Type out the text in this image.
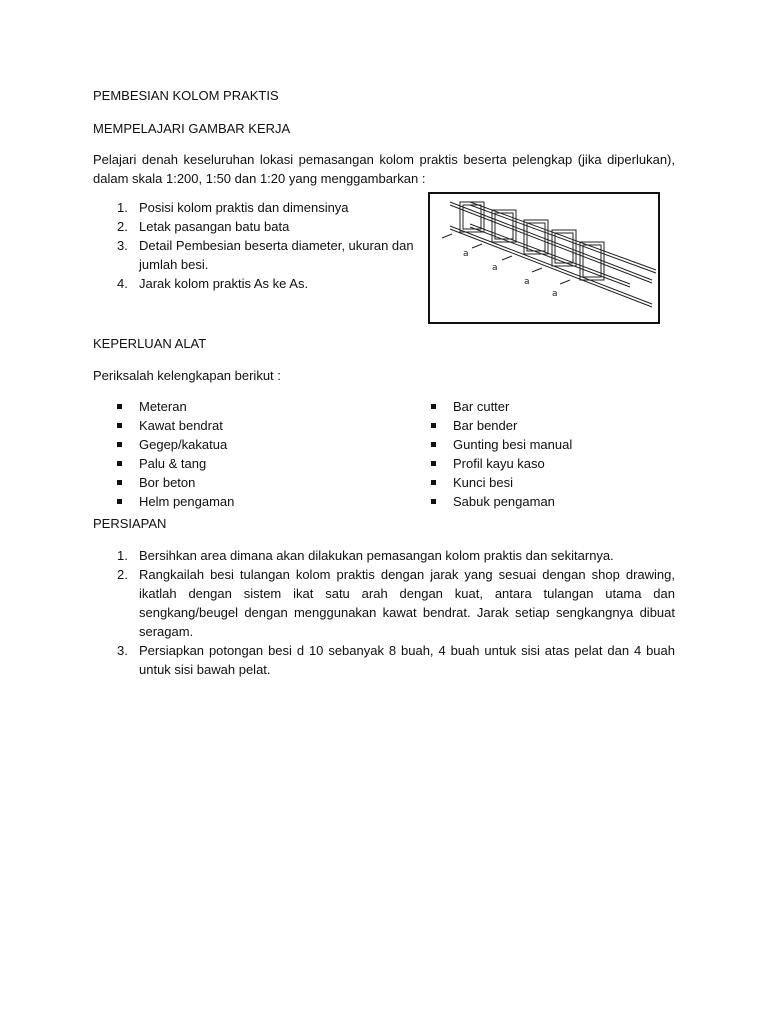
PEMBESIAN KOLOM PRAKTIS
MEMPELAJARI GAMBAR KERJA
Pelajari denah keseluruhan lokasi pemasangan kolom praktis beserta pelengkap (jika diperlukan),
dalam skala 1:200, 1:50 dan 1:20 yang menggambarkan :
1. Posisi kolom praktis dan dimensinya
2. Letak pasangan batu bata
3. Detail Pembesian beserta diameter, ukuran dan
jumlah besi.
4. Jarak kolom praktis As ke As.
a
a
a
a
KEPERLUAN ALAT
Periksalah kelengkapan berikut :
Meteran
Kawat bendrat
Gegep/kakatua
Palu & tang
Bor beton
Helm pengaman
Bar cutter
Bar bender
Gunting besi manual
Profil kayu kaso
Kunci besi
Sabuk pengaman
PERSIAPAN
1. Bersihkan area dimana akan dilakukan pemasangan kolom praktis dan sekitarnya.
2. Rangkailah besi tulangan kolom praktis dengan jarak yang sesuai dengan shop drawing,
ikatlah dengan sistem ikat satu arah dengan kuat, antara tulangan utama dan
sengkang/beugel dengan menggunakan kawat bendrat. Jarak setiap sengkangnya dibuat
seragam.
3. Persiapkan potongan besi d 10 sebanyak 8 buah, 4 buah untuk sisi atas pelat dan 4 buah
untuk sisi bawah pelat.
